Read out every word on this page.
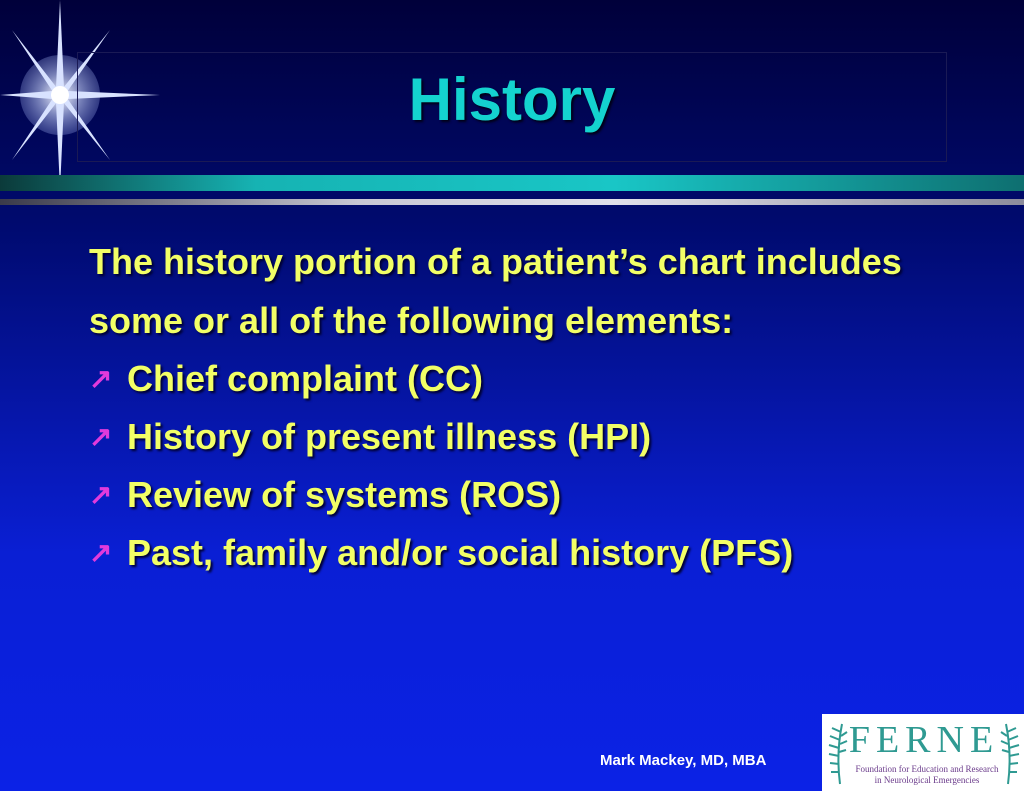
History

The history portion of a patient’s chart includes some or all of the following elements:

↗ Chief complaint (CC)
↗ History of present illness (HPI)
↗ Review of systems (ROS)
↗ Past, family and/or social history (PFS)
Mark Mackey, MD, MBA FERNE
Foundation for Education and Research
in Neurological Emergencies
